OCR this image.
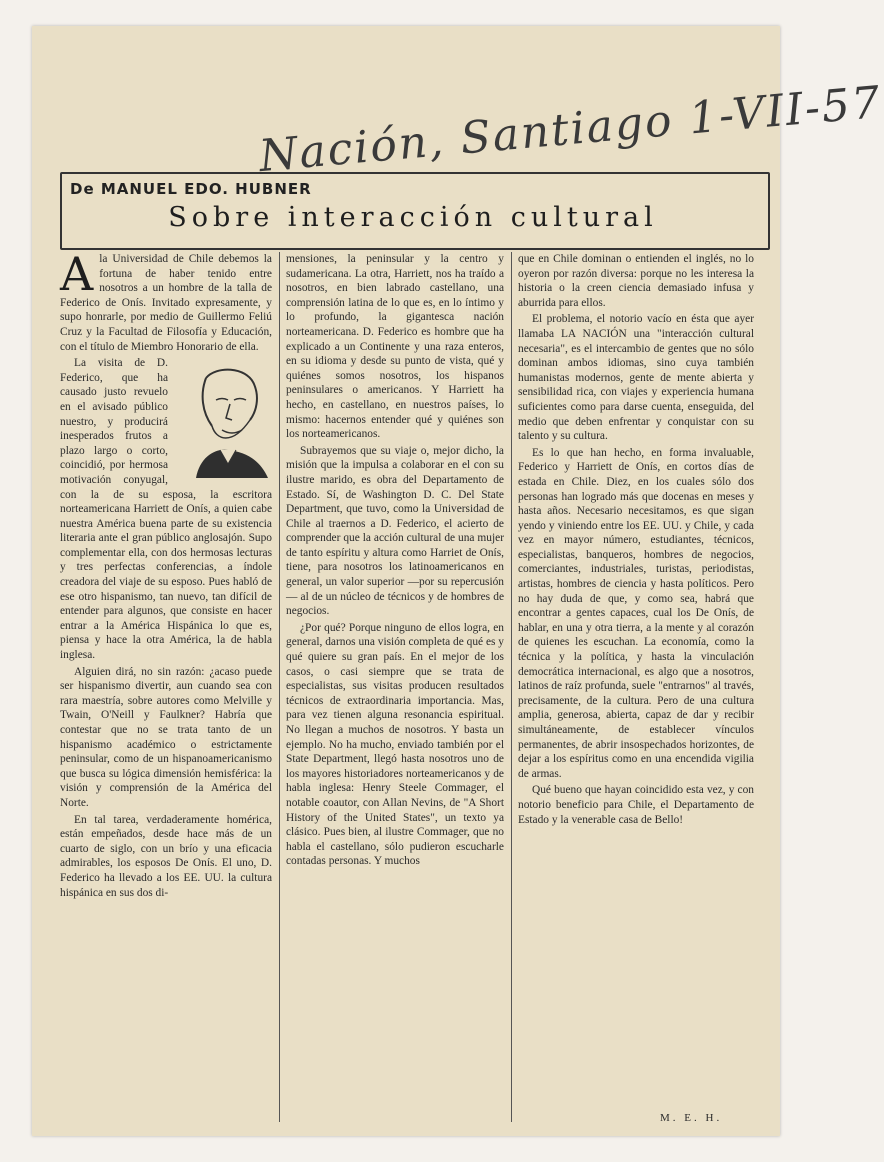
Nación, Santiago 1-VII-57
De MANUEL EDO. HUBNER
Sobre interacción cultural

Ala Universidad de Chile debemos la fortuna de haber tenido entre nosotros a un hombre de la talla de Federico de Onís. Invitado expresamente, y supo honrarle, por medio de Guillermo Feliú Cruz y la Facultad de Filosofía y Educación, con el título de Miembro Honorario de ella.

La visita de D. Federico, que ha causado justo revuelo en el avisado público nuestro, y producirá inesperados frutos a plazo largo o corto, coincidió, por hermosa motivación conyugal, con la de su esposa, la escritora norteamericana Harriett de Onís, a quien cabe nuestra América buena parte de su existencia literaria ante el gran público anglosajón. Supo complementar ella, con dos hermosas lecturas y tres perfectas conferencias, a índole creadora del viaje de su esposo. Pues habló de ese otro hispanismo, tan nuevo, tan difícil de entender para algunos, que consiste en hacer entrar a la América Hispánica lo que es, piensa y hace la otra América, la de habla inglesa.

Alguien dirá, no sin razón: ¿acaso puede ser hispanismo divertir, aun cuando sea con rara maestría, sobre autores como Melville y Twain, O'Neill y Faulkner? Habría que contestar que no se trata tanto de un hispanismo académico o estrictamente peninsular, como de un hispanoamericanismo que busca su lógica dimensión hemisférica: la visión y comprensión de la América del Norte.

En tal tarea, verdaderamente homérica, están empeñados, desde hace más de un cuarto de siglo, con un brío y una eficacia admirables, los esposos De Onís. El uno, D. Federico ha llevado a los EE. UU. la cultura hispánica en sus dos di-

mensiones, la peninsular y la centro y sudamericana. La otra, Harriett, nos ha traído a nosotros, en bien labrado castellano, una comprensión latina de lo que es, en lo íntimo y lo profundo, la gigantesca nación norteamericana. D. Federico es hombre que ha explicado a un Continente y una raza enteros, en su idioma y desde su punto de vista, qué y quiénes somos nosotros, los hispanos peninsulares o americanos. Y Harriett ha hecho, en castellano, en nuestros países, lo mismo: hacernos entender qué y quiénes son los norteamericanos.

Subrayemos que su viaje o, mejor dicho, la misión que la impulsa a colaborar en el con su ilustre marido, es obra del Departamento de Estado. Sí, de Washington D. C. Del State Department, que tuvo, como la Universidad de Chile al traernos a D. Federico, el acierto de comprender que la acción cultural de una mujer de tanto espíritu y altura como Harriet de Onís, tiene, para nosotros los latinoamericanos en general, un valor superior —por su repercusión— al de un núcleo de técnicos y de hombres de negocios.

¿Por qué? Porque ninguno de ellos logra, en general, darnos una visión completa de qué es y qué quiere su gran país. En el mejor de los casos, o casi siempre que se trata de especialistas, sus visitas producen resultados técnicos de extraordinaria importancia. Mas, para vez tienen alguna resonancia espiritual. No llegan a muchos de nosotros. Y basta un ejemplo. No ha mucho, enviado también por el State Department, llegó hasta nosotros uno de los mayores historiadores norteamericanos y de habla inglesa: Henry Steele Commager, el notable coautor, con Allan Nevins, de "A Short History of the United States", un texto ya clásico. Pues bien, al ilustre Commager, que no habla el castellano, sólo pudieron escucharle contadas personas. Y muchos

que en Chile dominan o entienden el inglés, no lo oyeron por razón diversa: porque no les interesa la historia o la creen ciencia demasiado infusa y aburrida para ellos.

El problema, el notorio vacío en ésta que ayer llamaba LA NACIÓN una "interacción cultural necesaria", es el intercambio de gentes que no sólo dominan ambos idiomas, sino cuya también humanistas modernos, gente de mente abierta y sensibilidad rica, con viajes y experiencia humana suficientes como para darse cuenta, enseguida, del medio que deben enfrentar y conquistar con su talento y su cultura.

Es lo que han hecho, en forma invaluable, Federico y Harriett de Onís, en cortos días de estada en Chile. Diez, en los cuales sólo dos personas han logrado más que docenas en meses y hasta años. Necesario necesitamos, es que sigan yendo y viniendo entre los EE. UU. y Chile, y cada vez en mayor número, estudiantes, técnicos, especialistas, banqueros, hombres de negocios, comerciantes, industriales, turistas, periodistas, artistas, hombres de ciencia y hasta políticos. Pero no hay duda de que, y como sea, habrá que encontrar a gentes capaces, cual los De Onís, de hablar, en una y otra tierra, a la mente y al corazón de quienes les escuchan. La economía, como la técnica y la política, y hasta la vinculación democrática internacional, es algo que a nosotros, latinos de raíz profunda, suele "entrarnos" al través, precisamente, de la cultura. Pero de una cultura amplia, generosa, abierta, capaz de dar y recibir simultáneamente, de establecer vínculos permanentes, de abrir insospechados horizontes, de dejar a los espíritus como en una encendida vigilia de armas.

Qué bueno que hayan coincidido esta vez, y con notorio beneficio para Chile, el Departamento de Estado y la venerable casa de Bello!

M. E. H.
